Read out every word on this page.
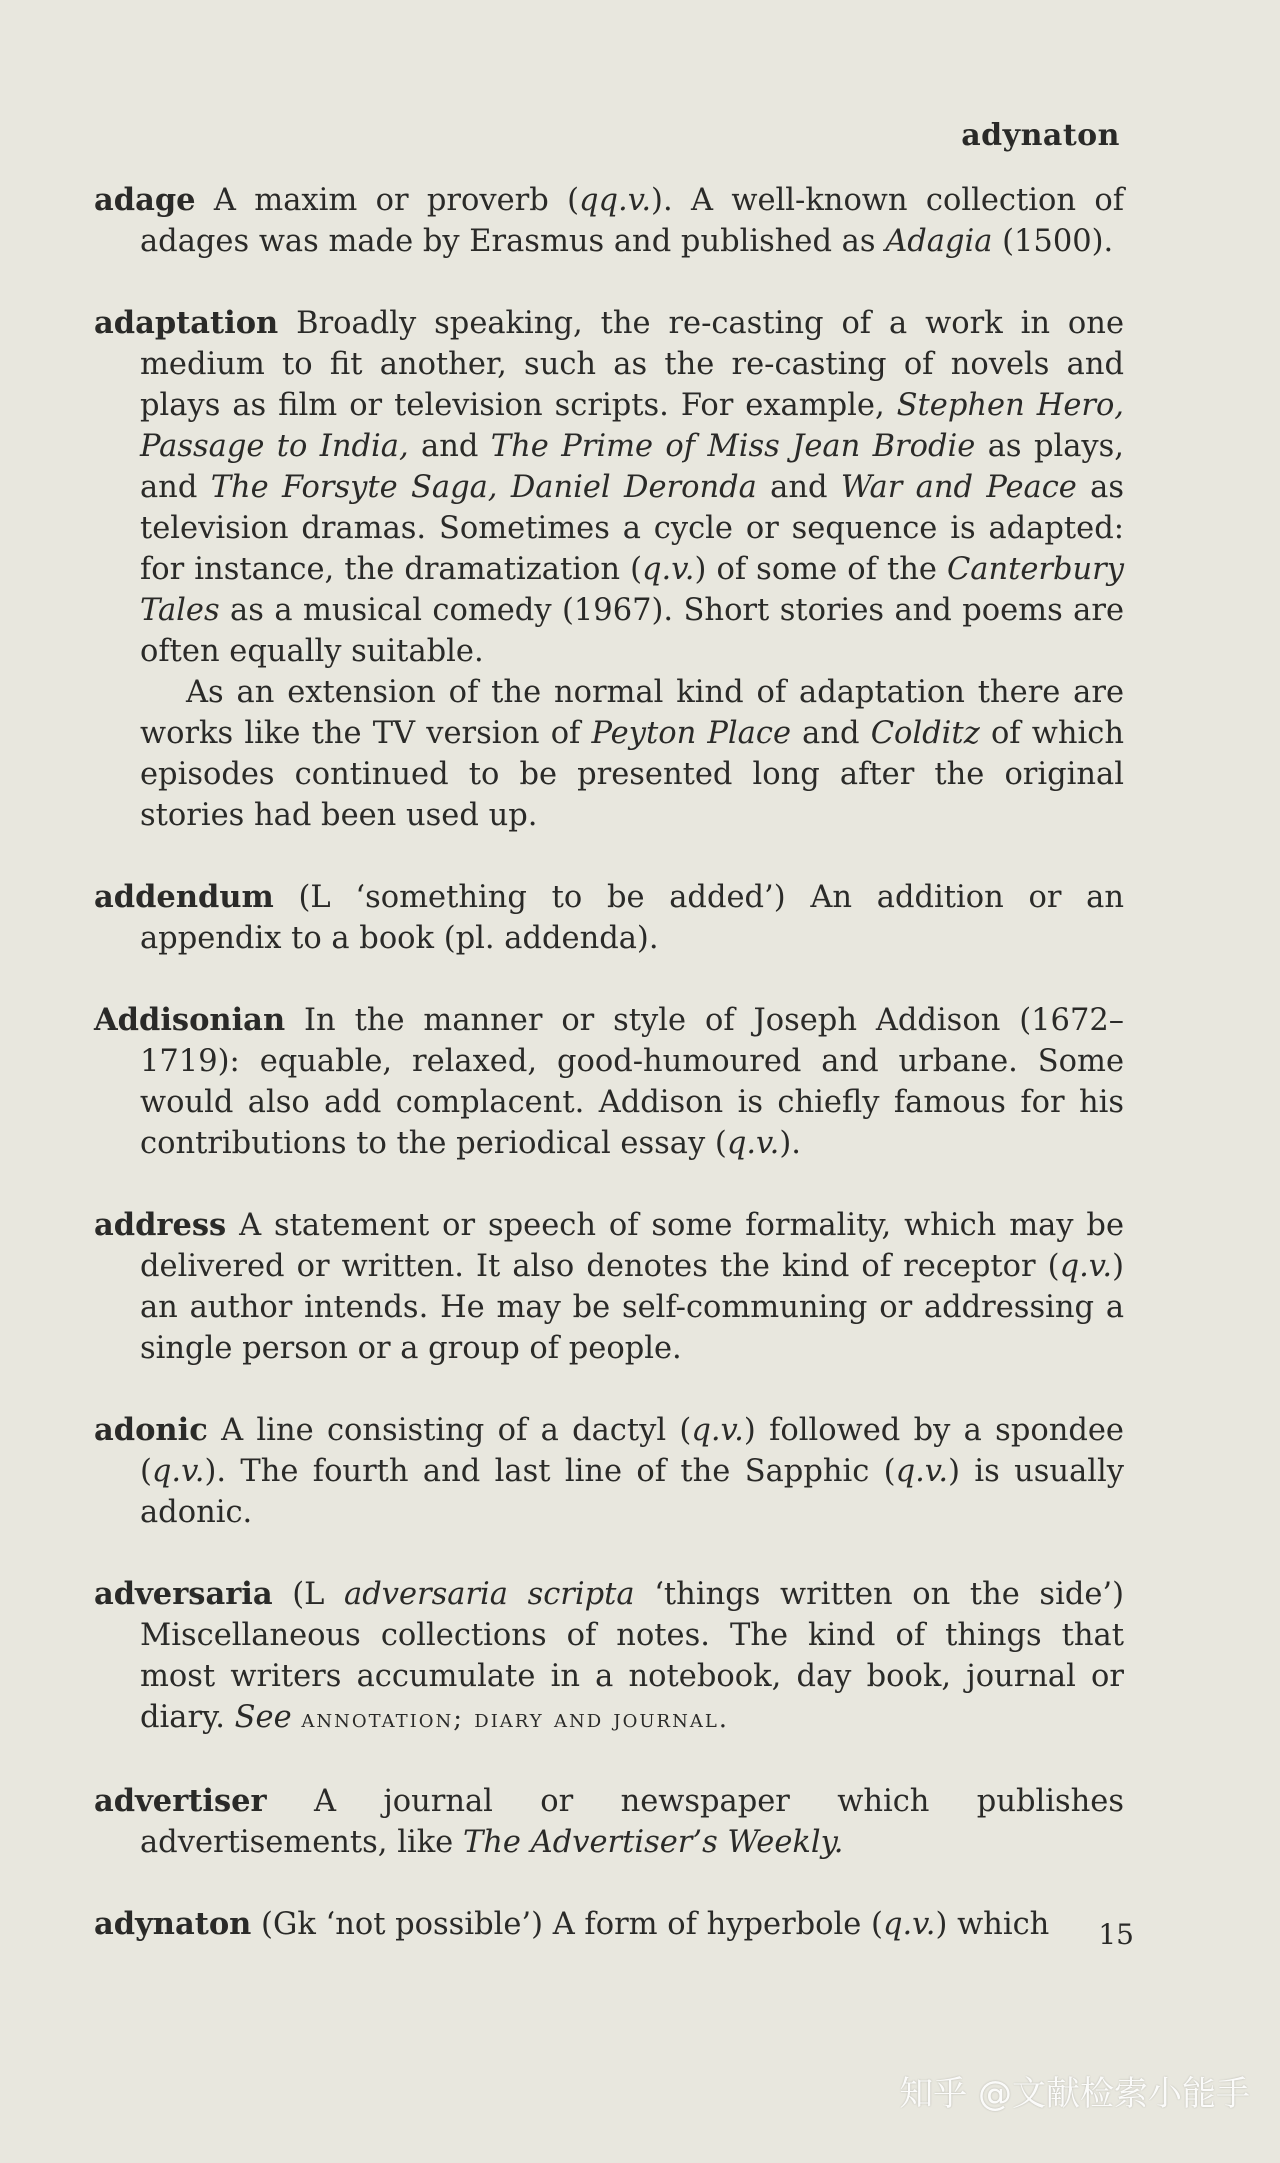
adynaton

adage A maxim or proverb (qq.v.). A well-known collection of adages was made by Erasmus and published as Adagia (1500).

adaptation Broadly speaking, the re-casting of a work in one medium to fit another, such as the re-casting of novels and plays as film or television scripts. For example, Stephen Hero, Passage to India, and The Prime of Miss Jean Brodie as plays, and The Forsyte Saga, Daniel Deronda and War and Peace as television dramas. Sometimes a cycle or sequence is adapted: for instance, the dramatization (q.v.) of some of the Canterbury Tales as a musical comedy (1967). Short stories and poems are often equally suitable.

As an extension of the normal kind of adaptation there are works like the TV version of Peyton Place and Colditz of which episodes continued to be presented long after the original stories had been used up.

addendum (L ‘something to be added’) An addition or an appendix to a book (pl. addenda).

Addisonian In the manner or style of Joseph Addison (1672–1719): equable, relaxed, good-humoured and urbane. Some would also add complacent. Addison is chiefly famous for his contributions to the periodical essay (q.v.).

address A statement or speech of some formality, which may be delivered or written. It also denotes the kind of receptor (q.v.) an author intends. He may be self-communing or addressing a single person or a group of people.

adonic A line consisting of a dactyl (q.v.) followed by a spondee (q.v.). The fourth and last line of the Sapphic (q.v.) is usually adonic.

adversaria (L adversaria scripta ‘things written on the side’) Miscellaneous collections of notes. The kind of things that most writers accumulate in a notebook, day book, journal or diary. See annotation; diary and journal.

advertiser A journal or newspaper which publishes advertisements, like The Advertiser’s Weekly.

adynaton (Gk ‘not possible’) A form of hyperbole (q.v.) which	15
知乎 @文献检索小能手
